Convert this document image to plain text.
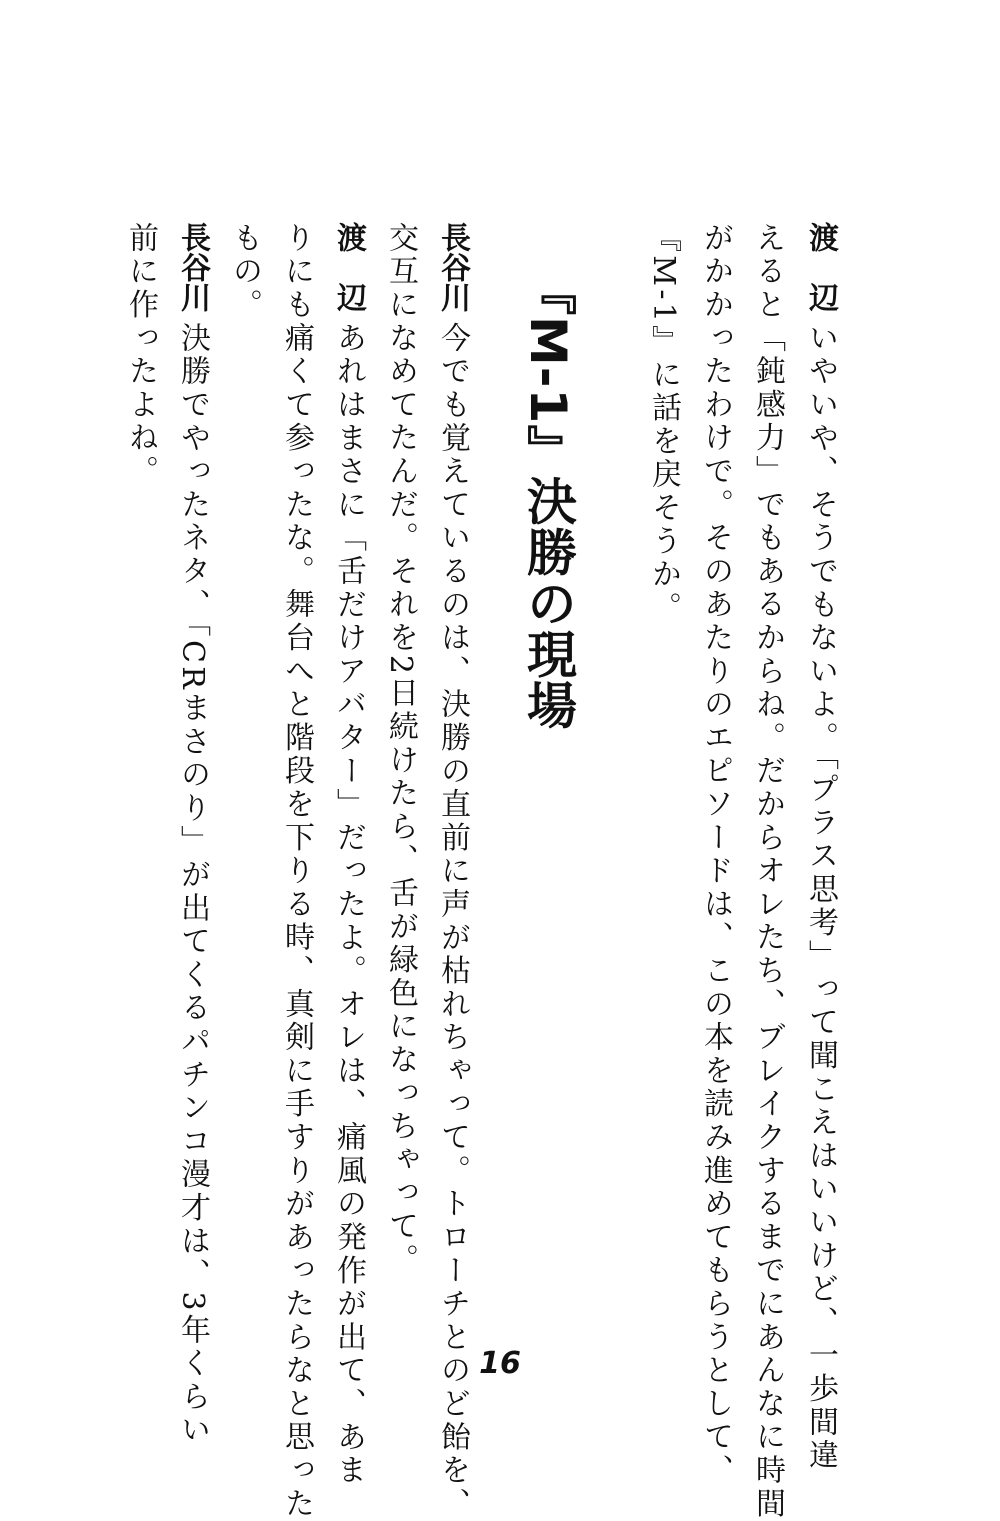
渡辺いやいや、そうでもないよ。「プラス思考」って聞こえはいいけど、一歩間違
えると「鈍感力」でもあるからね。だからオレたち、ブレイクするまでにあんなに時間
がかかったわけで。そのあたりのエピソードは、この本を読み進めてもらうとして、
『M-1』に話を戻そうか。
『M-1』決勝の現場
長谷川今でも覚えているのは、決勝の直前に声が枯れちゃって。トローチとのど飴を、
交互になめてたんだ。それを2日続けたら、舌が緑色になっちゃって。
渡辺あれはまさに「舌だけアバター」だったよ。オレは、痛風の発作が出て、あま
りにも痛くて参ったな。舞台へと階段を下りる時、真剣に手すりがあったらなと思った
もの。
長谷川決勝でやったネタ、「CRまさのり」が出てくるパチンコ漫才は、3年くらい
前に作ったよね。
16
